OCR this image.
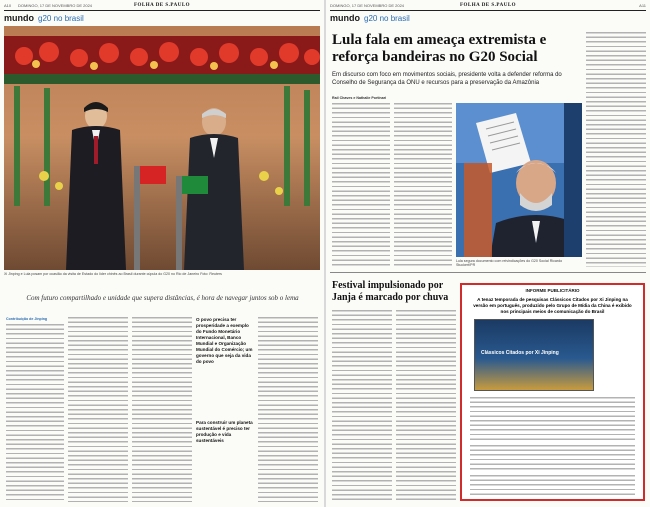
A10 DOMINGO, 17 DE NOVEMBRO DE 2024	FOLHA DE S.PAULO
mundo g20 no brasil
Xi Jinping e Lula posam por ocasião da visita de Estado do líder chinês ao Brasil durante cúpula do G20 no Rio de Janeiro Foto: Reuters
Com futuro compartilhado e unidade que supera distâncias, é hora de navegar juntos sob o lema
Contribuição de Jinping	O povo precisa ter prosperidade a exemplo do Fundo Monetário Internacional, Banco Mundial e Organização Mundial do Comércio; um governo que seja da vida do povo
Para construir um planeta sustentável é preciso ter produção e vida sustentáveis
DOMINGO, 17 DE NOVEMBRO DE 2024	A11
FOLHA DE S.PAULO
mundo g20 no brasil
Lula fala em ameaça extremista e reforça bandeiras no G20 Social
Em discurso com foco em movimentos sociais, presidente volta a defender reforma do Conselho de Segurança da ONU e recursos para a preservação da Amazônia
Raíl Chaves e Nathalie Portinari
Lula segura documento com reivindicações do G20 Social Ricardo Stuckert/PR
Festival impulsionado por Janja é marcado por chuva
INFORME PUBLICITÁRIO
A tenaz temporada de pesquisas Clássicos Citados por Xi Jinping na versão em português, produzido pelo Grupo de Mídia da China é exibido nos principais meios de comunicação do Brasil
Clássicos Citados por Xi Jinping
